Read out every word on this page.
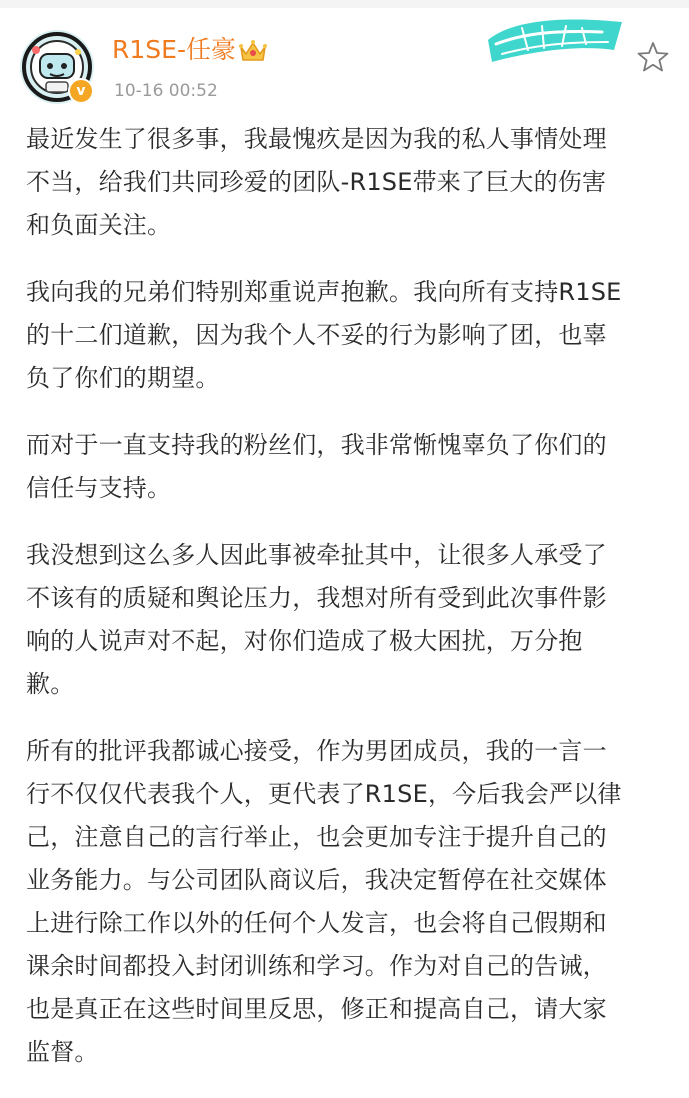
v
R1SE-任豪
10-16 00:52

最近发生了很多事，我最愧疚是因为我的私人事情处理
不当，给我们共同珍爱的团队-R1SE带来了巨大的伤害
和负面关注。

我向我的兄弟们特别郑重说声抱歉。我向所有支持R1SE
的十二们道歉，因为我个人不妥的行为影响了团，也辜
负了你们的期望。

而对于一直支持我的粉丝们，我非常惭愧辜负了你们的
信任与支持。

我没想到这么多人因此事被牵扯其中，让很多人承受了
不该有的质疑和舆论压力，我想对所有受到此次事件影
响的人说声对不起，对你们造成了极大困扰，万分抱
歉。

所有的批评我都诚心接受，作为男团成员，我的一言一
行不仅仅代表我个人，更代表了R1SE，今后我会严以律
己，注意自己的言行举止，也会更加专注于提升自己的
业务能力。与公司团队商议后，我决定暂停在社交媒体
上进行除工作以外的任何个人发言，也会将自己假期和
课余时间都投入封闭训练和学习。作为对自己的告诫，
也是真正在这些时间里反思，修正和提高自己，请大家
监督。
